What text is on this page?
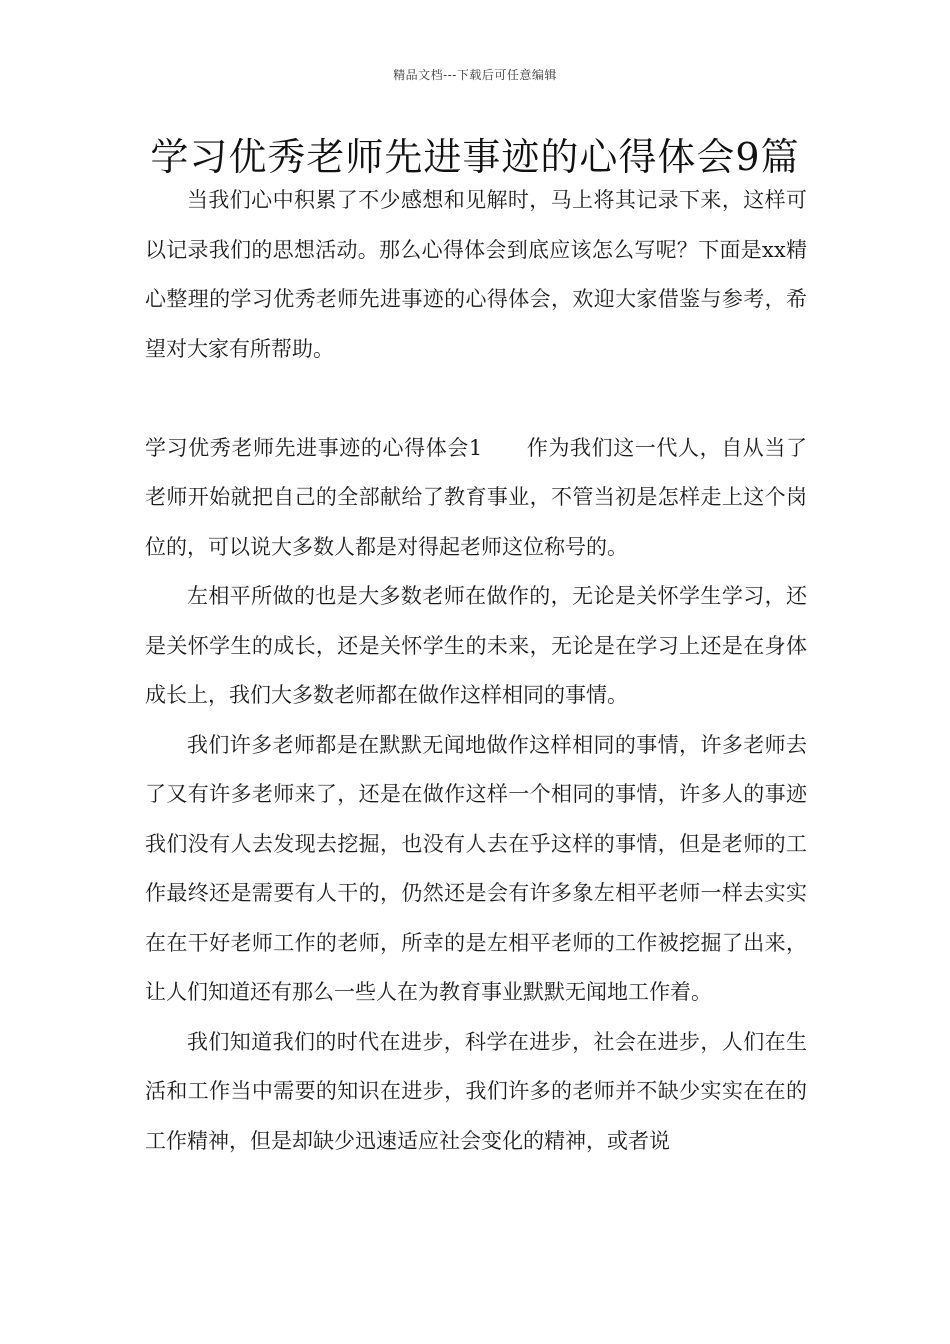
精品文档---下载后可任意编辑
学习优秀老师先进事迹的心得体会9篇

当我们心中积累了不少感想和见解时，马上将其记录下来，这样可以记录我们的思想活动。那么心得体会到底应该怎么写呢？下面是xx精心整理的学习优秀老师先进事迹的心得体会，欢迎大家借鉴与参考，希望对大家有所帮助。

学习优秀老师先进事迹的心得体会1 作为我们这一代人，自从当了老师开始就把自己的全部献给了教育事业，不管当初是怎样走上这个岗位的，可以说大多数人都是对得起老师这位称号的。

左相平所做的也是大多数老师在做作的，无论是关怀学生学习，还是关怀学生的成长，还是关怀学生的未来，无论是在学习上还是在身体成长上，我们大多数老师都在做作这样相同的事情。

我们许多老师都是在默默无闻地做作这样相同的事情，许多老师去了又有许多老师来了，还是在做作这样一个相同的事情，许多人的事迹我们没有人去发现去挖掘，也没有人去在乎这样的事情，但是老师的工作最终还是需要有人干的，仍然还是会有许多象左相平老师一样去实实在在干好老师工作的老师，所幸的是左相平老师的工作被挖掘了出来，让人们知道还有那么一些人在为教育事业默默无闻地工作着。

我们知道我们的时代在进步，科学在进步，社会在进步，人们在生活和工作当中需要的知识在进步，我们许多的老师并不缺少实实在在的工作精神，但是却缺少迅速适应社会变化的精神，或者说
